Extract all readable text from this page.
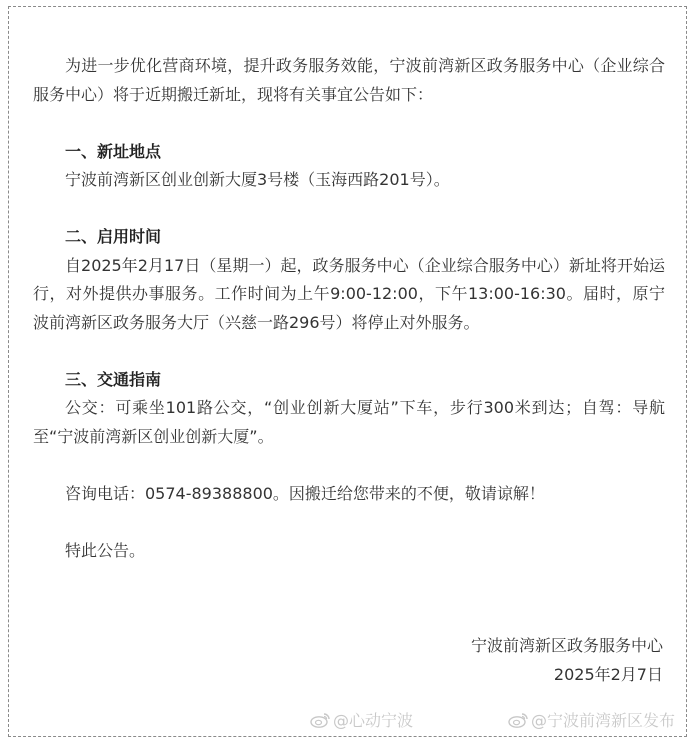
为进一步优化营商环境，提升政务服务效能，宁波前湾新区政务服务中心（企业综合服务中心）将于近期搬迁新址，现将有关事宜公告如下：

一、新址地点

宁波前湾新区创业创新大厦3号楼（玉海西路201号）。

二、启用时间

自2025年2月17日（星期一）起，政务服务中心（企业综合服务中心）新址将开始运行，对外提供办事服务。工作时间为上午9:00-12:00，下午13:00-16:30。届时，原宁波前湾新区政务服务大厅（兴慈一路296号）将停止对外服务。

三、交通指南

公交：可乘坐101路公交，“创业创新大厦站”下车，步行300米到达；自驾：导航至“宁波前湾新区创业创新大厦”。

咨询电话：0574-89388800。因搬迁给您带来的不便，敬请谅解！

特此公告。

宁波前湾新区政务服务中心
2025年2月7日
@心动宁波	@宁波前湾新区发布
